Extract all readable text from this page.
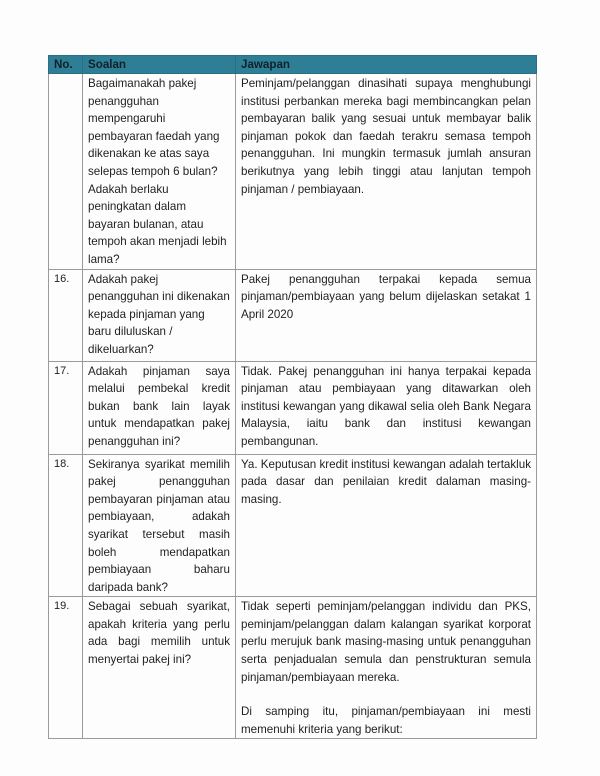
No.	Soalan	Jawapan
	Bagaimanakah pakej penangguhan mempengaruhi pembayaran faedah yang dikenakan ke atas saya selepas tempoh 6 bulan? Adakah berlaku peningkatan dalam bayaran bulanan, atau tempoh akan menjadi lebih lama?	Peminjam/pelanggan dinasihati supaya menghubungi institusi perbankan mereka bagi membincangkan pelan pembayaran balik yang sesuai untuk membayar balik pinjaman pokok dan faedah terakru semasa tempoh penangguhan. Ini mungkin termasuk jumlah ansuran berikutnya yang lebih tinggi atau lanjutan tempoh pinjaman / pembiayaan.

16.	Adakah pakej penangguhan ini dikenakan kepada pinjaman yang baru diluluskan / dikeluarkan?	Pakej penangguhan terpakai kepada semua pinjaman/pembiayaan yang belum dijelaskan setakat 1 April 2020

17.	Adakah pinjaman saya melalui pembekal kredit bukan bank lain layak untuk mendapatkan pakej penangguhan ini?	Tidak. Pakej penangguhan ini hanya terpakai kepada pinjaman atau pembiayaan yang ditawarkan oleh institusi kewangan yang dikawal selia oleh Bank Negara Malaysia, iaitu bank dan institusi kewangan pembangunan.

18.	Sekiranya syarikat memilih pakej penangguhan pembayaran pinjaman atau pembiayaan, adakah syarikat tersebut masih boleh mendapatkan pembiayaan baharu daripada bank?	Ya. Keputusan kredit institusi kewangan adalah tertakluk pada dasar dan penilaian kredit dalaman masing-masing.

19.	Sebagai sebuah syarikat, apakah kriteria yang perlu ada bagi memilih untuk menyertai pakej ini?	Tidak seperti peminjam/pelanggan individu dan PKS, peminjam/pelanggan dalam kalangan syarikat korporat perlu merujuk bank masing-masing untuk penangguhan serta penjadualan semula dan penstrukturan semula pinjaman/pembiayaan mereka.

Di samping itu, pinjaman/pembiayaan ini mesti memenuhi kriteria yang berikut:
